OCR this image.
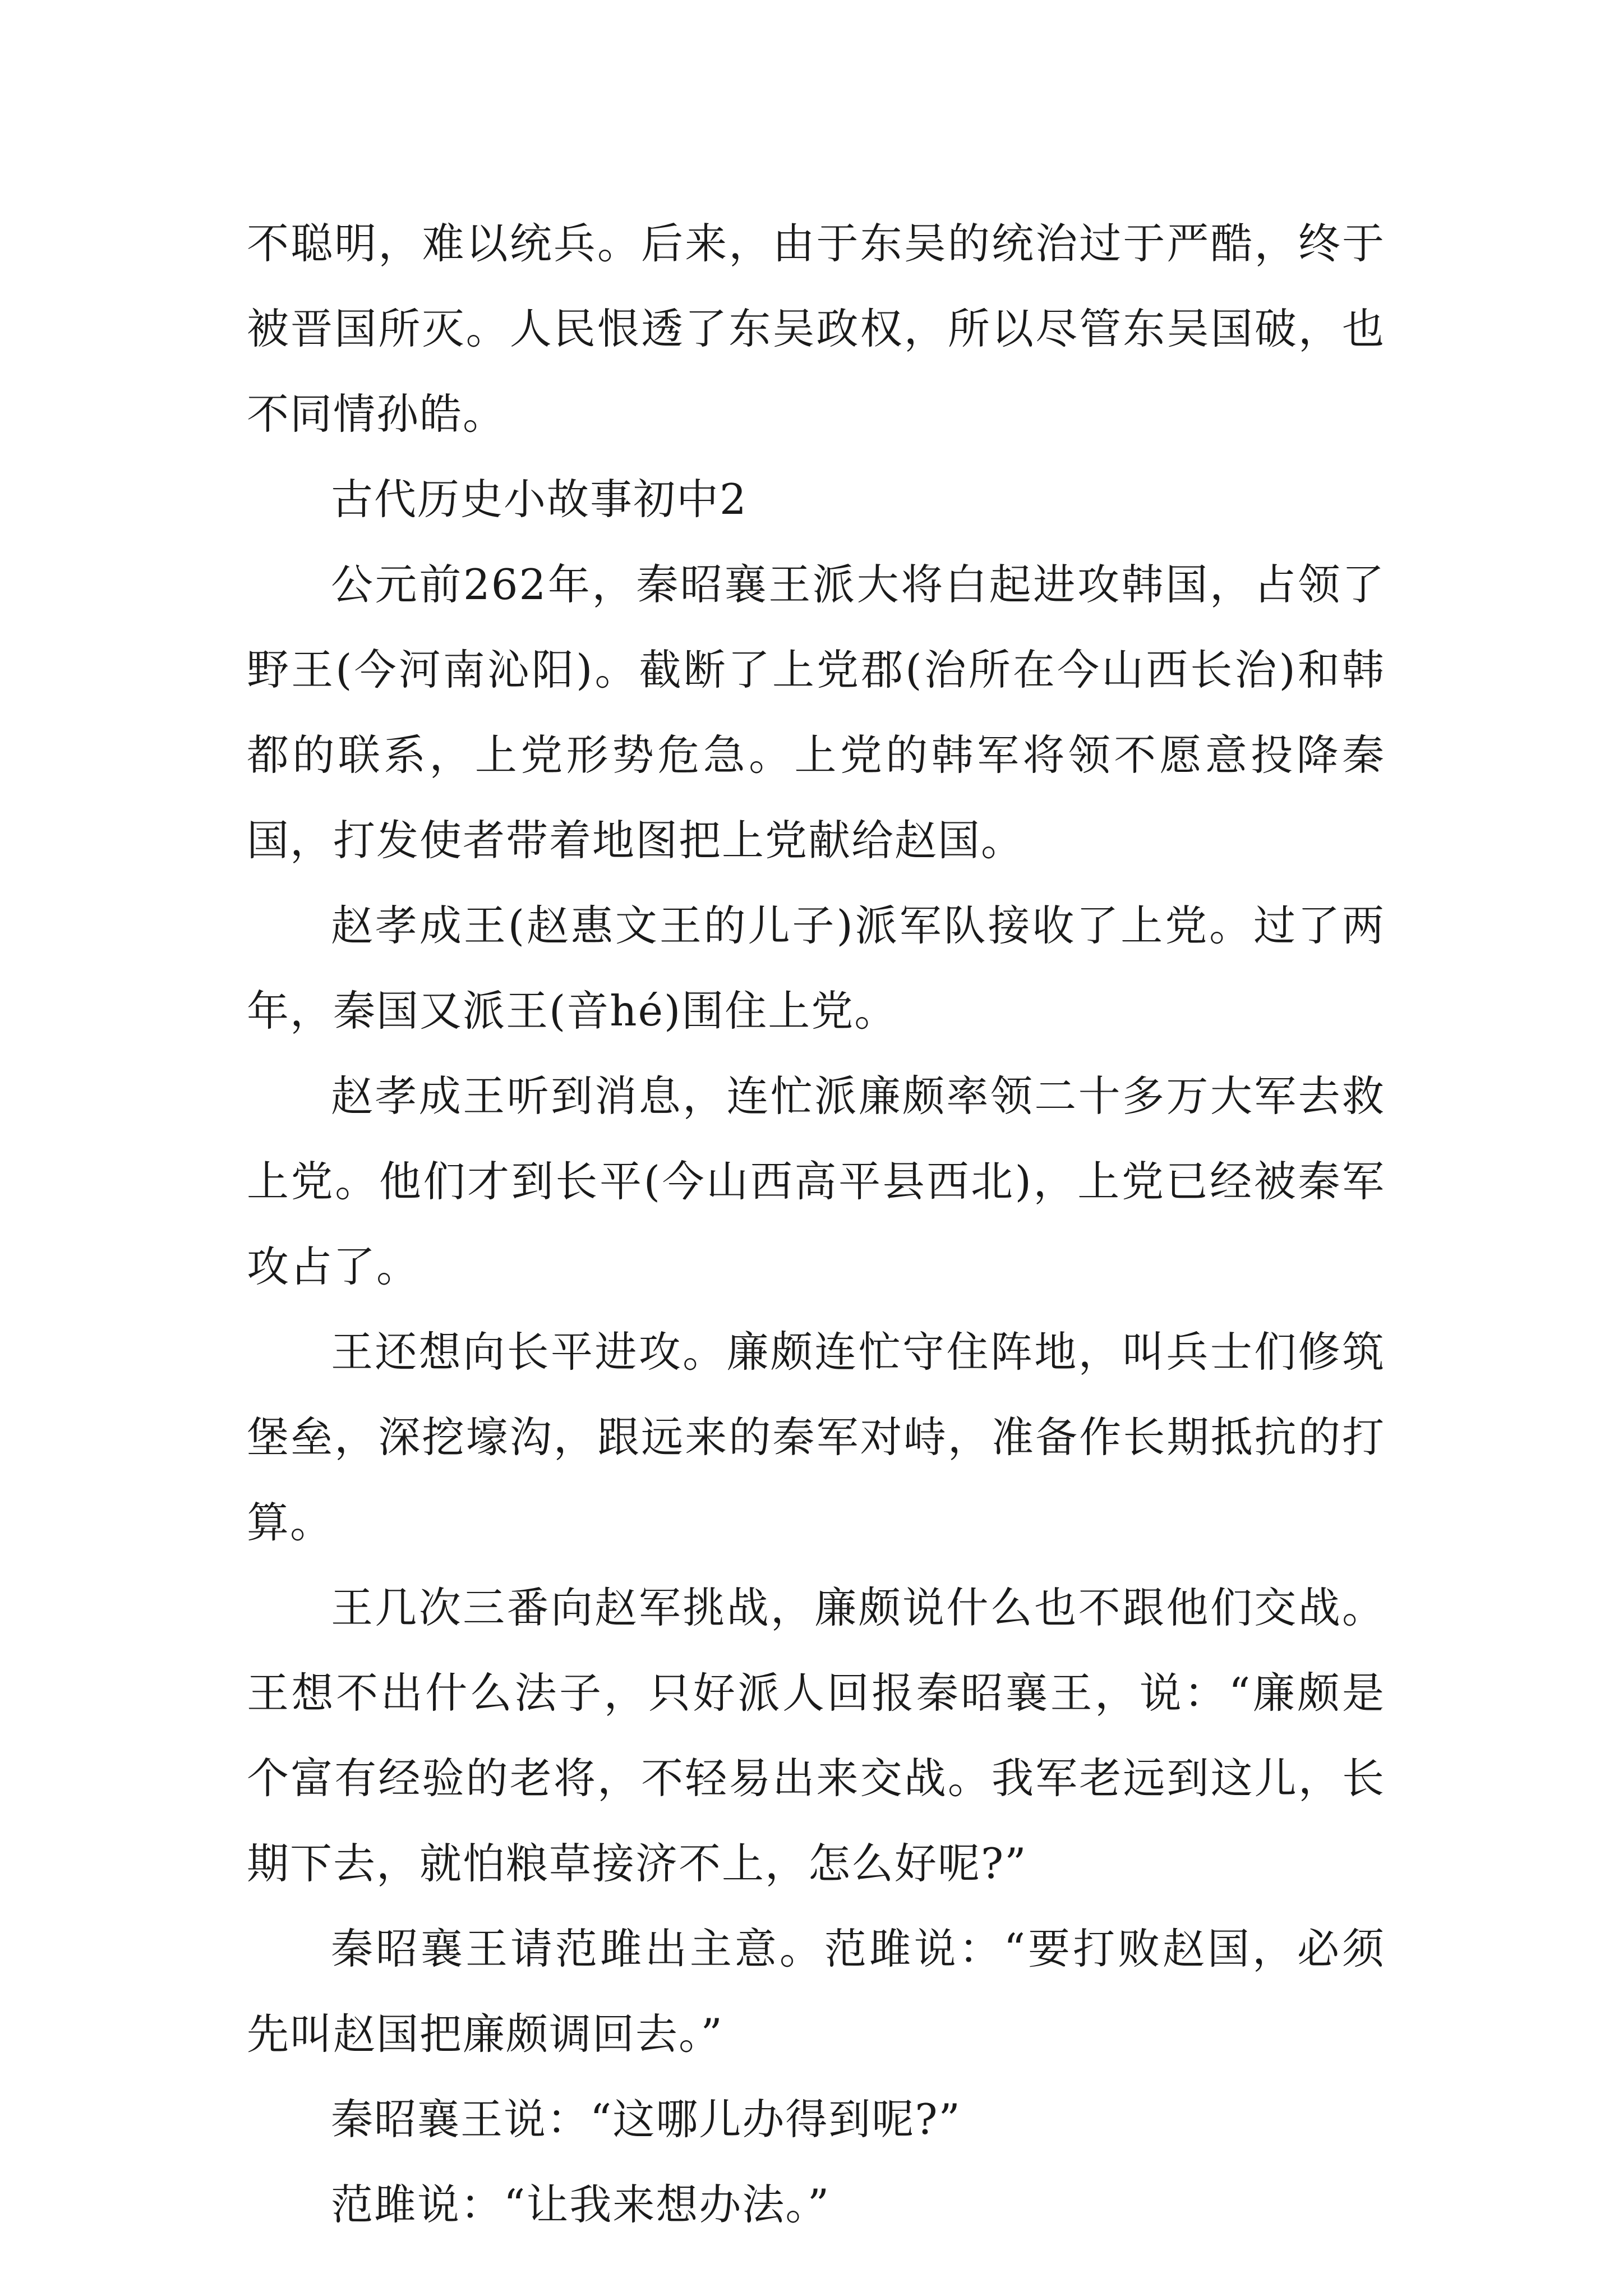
不聪明，难以统兵。后来，由于东吴的统治过于严酷，终于被晋国所灭。人民恨透了东吴政权，所以尽管东吴国破，也不同情孙皓。

古代历史小故事初中2

公元前262年，秦昭襄王派大将白起进攻韩国，占领了野王(今河南沁阳)。截断了上党郡(治所在今山西长治)和韩都的联系，上党形势危急。上党的韩军将领不愿意投降秦国，打发使者带着地图把上党献给赵国。

赵孝成王(赵惠文王的儿子)派军队接收了上党。过了两年，秦国又派王(音hé)围住上党。

赵孝成王听到消息，连忙派廉颇率领二十多万大军去救上党。他们才到长平(今山西高平县西北)，上党已经被秦军攻占了。

王还想向长平进攻。廉颇连忙守住阵地，叫兵士们修筑堡垒，深挖壕沟，跟远来的秦军对峙，准备作长期抵抗的打算。

王几次三番向赵军挑战，廉颇说什么也不跟他们交战。王想不出什么法子，只好派人回报秦昭襄王，说：“廉颇是个富有经验的老将，不轻易出来交战。我军老远到这儿，长期下去，就怕粮草接济不上，怎么好呢?”

秦昭襄王请范雎出主意。范雎说：“要打败赵国，必须先叫赵国把廉颇调回去。”

秦昭襄王说：“这哪儿办得到呢?”

范雎说：“让我来想办法。”
